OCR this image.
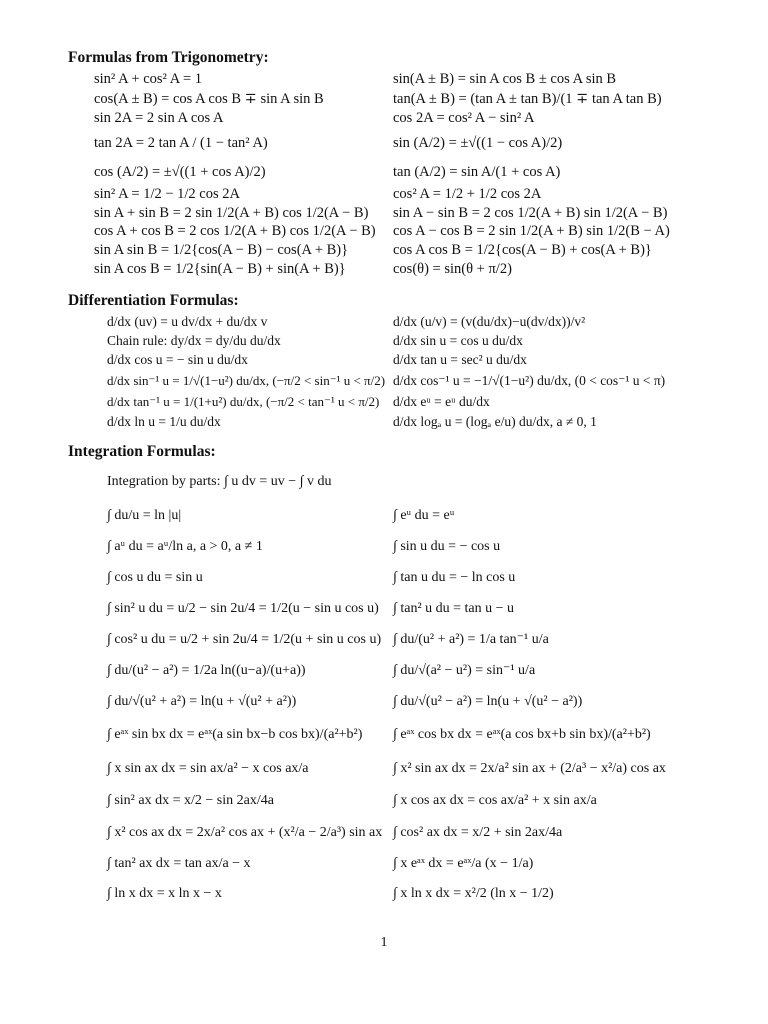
Formulas from Trigonometry:
sin² A + cos² A = 1
cos(A ± B) = cos A cos B ∓ sin A sin B
sin 2A = 2 sin A cos A
tan 2A = 2 tan A / (1 − tan² A)
cos (A/2) = ±√((1 + cos A)/2)
sin² A = 1/2 − 1/2 cos 2A
sin A + sin B = 2 sin 1/2(A + B) cos 1/2(A − B)
cos A + cos B = 2 cos 1/2(A + B) cos 1/2(A − B)
sin A sin B = 1/2{cos(A − B) − cos(A + B)}
sin A cos B = 1/2{sin(A − B) + sin(A + B)}
sin(A ± B) = sin A cos B ± cos A sin B
tan(A ± B) = (tan A ± tan B)/(1 ∓ tan A tan B)
cos 2A = cos² A − sin² A
sin (A/2) = ±√((1 − cos A)/2)
tan (A/2) = sin A/(1 + cos A)
cos² A = 1/2 + 1/2 cos 2A
sin A − sin B = 2 cos 1/2(A + B) sin 1/2(A − B)
cos A − cos B = 2 sin 1/2(A + B) sin 1/2(B − A)
cos A cos B = 1/2{cos(A − B) + cos(A + B)}
cos(θ) = sin(θ + π/2)
Differentiation Formulas:
d/dx (uv) = u dv/dx + du/dx v
Chain rule: dy/dx = dy/du du/dx
d/dx cos u = − sin u du/dx
d/dx sin⁻¹ u = 1/√(1−u²) du/dx, (−π/2 < sin⁻¹ u < π/2)
d/dx tan⁻¹ u = 1/(1+u²) du/dx, (−π/2 < tan⁻¹ u < π/2)
d/dx ln u = 1/u du/dx
d/dx (u/v) = (v(du/dx)−u(dv/dx))/v²
d/dx sin u = cos u du/dx
d/dx tan u = sec² u du/dx
d/dx cos⁻¹ u = −1/√(1−u²) du/dx, (0 < cos⁻¹ u < π)
d/dx eᵘ = eᵘ du/dx
d/dx logₐ u = (logₐ e/u) du/dx, a ≠ 0, 1
Integration Formulas:
Integration by parts: ∫ u dv = uv − ∫ v du
∫ du/u = ln |u|
∫ aᵘ du = aᵘ/ln a, a > 0, a ≠ 1
∫ cos u du = sin u
∫ sin² u du = u/2 − sin 2u/4 = 1/2(u − sin u cos u)
∫ cos² u du = u/2 + sin 2u/4 = 1/2(u + sin u cos u)
∫ du/(u² − a²) = 1/2a ln((u−a)/(u+a))
∫ du/√(u² + a²) = ln(u + √(u² + a²))
∫ eᵃˣ sin bx dx = eᵃˣ(a sin bx−b cos bx)/(a²+b²)
∫ x sin ax dx = sin ax/a² − x cos ax/a
∫ sin² ax dx = x/2 − sin 2ax/4a
∫ x² cos ax dx = 2x/a² cos ax + (x²/a − 2/a³) sin ax
∫ tan² ax dx = tan ax/a − x
∫ ln x dx = x ln x − x
∫ eᵘ du = eᵘ
∫ sin u du = − cos u
∫ tan u du = − ln cos u
∫ tan² u du = tan u − u
∫ du/(u² + a²) = 1/a tan⁻¹ u/a
∫ du/√(a² − u²) = sin⁻¹ u/a
∫ du/√(u² − a²) = ln(u + √(u² − a²))
∫ eᵃˣ cos bx dx = eᵃˣ(a cos bx+b sin bx)/(a²+b²)
∫ x² sin ax dx = 2x/a² sin ax + (2/a³ − x²/a) cos ax
∫ x cos ax dx = cos ax/a² + x sin ax/a
∫ cos² ax dx = x/2 + sin 2ax/4a
∫ x eᵃˣ dx = eᵃˣ/a (x − 1/a)
∫ x ln x dx = x²/2 (ln x − 1/2)
1
